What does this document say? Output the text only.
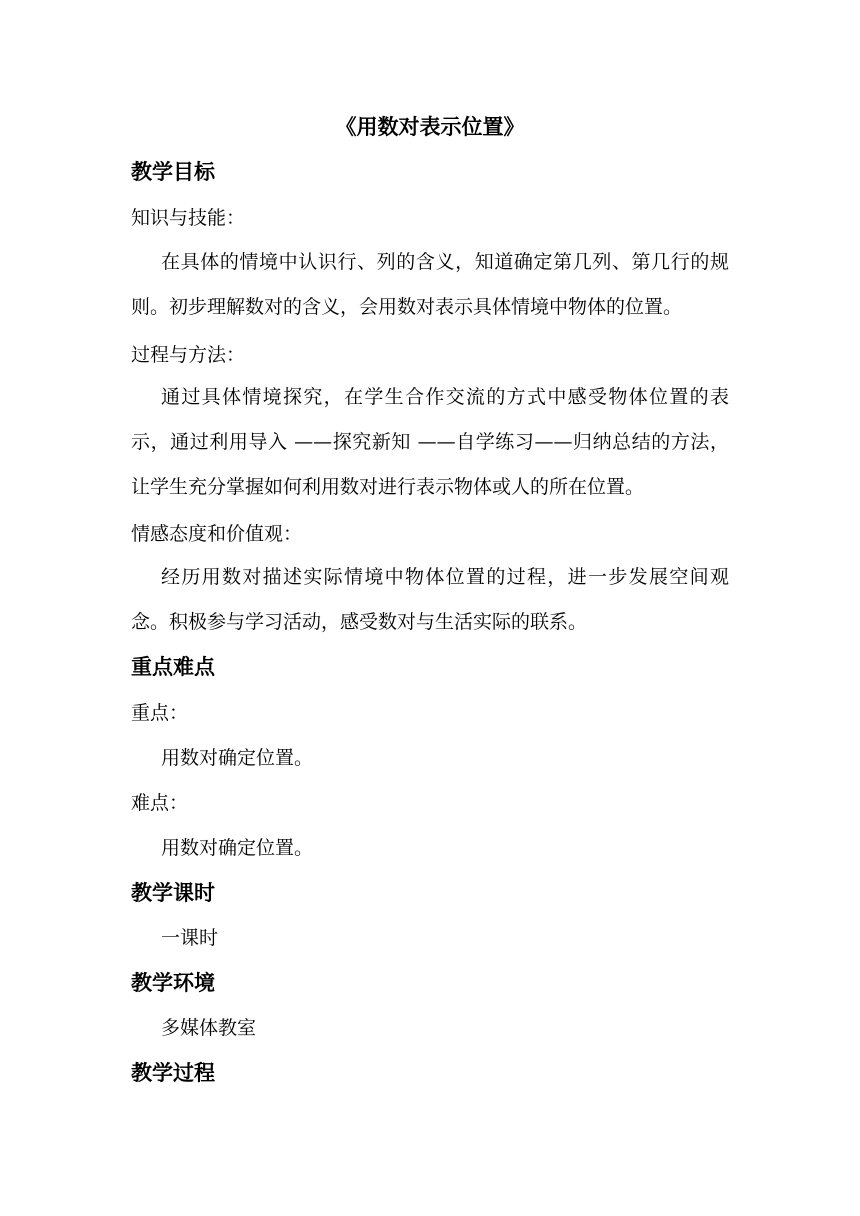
《用数对表示位置》
教学目标
知识与技能：
在具体的情境中认识行、列的含义，知道确定第几列、第几行的规则。初步理解数对的含义，会用数对表示具体情境中物体的位置。
过程与方法：
通过具体情境探究，在学生合作交流的方式中感受物体位置的表示，通过利用导入 ——探究新知 ——自学练习——归纳总结的方法，让学生充分掌握如何利用数对进行表示物体或人的所在位置。
情感态度和价值观：
经历用数对描述实际情境中物体位置的过程，进一步发展空间观念。积极参与学习活动，感受数对与生活实际的联系。
重点难点
重点：
用数对确定位置。
难点：
用数对确定位置。
教学课时
一课时
教学环境
多媒体教室
教学过程
